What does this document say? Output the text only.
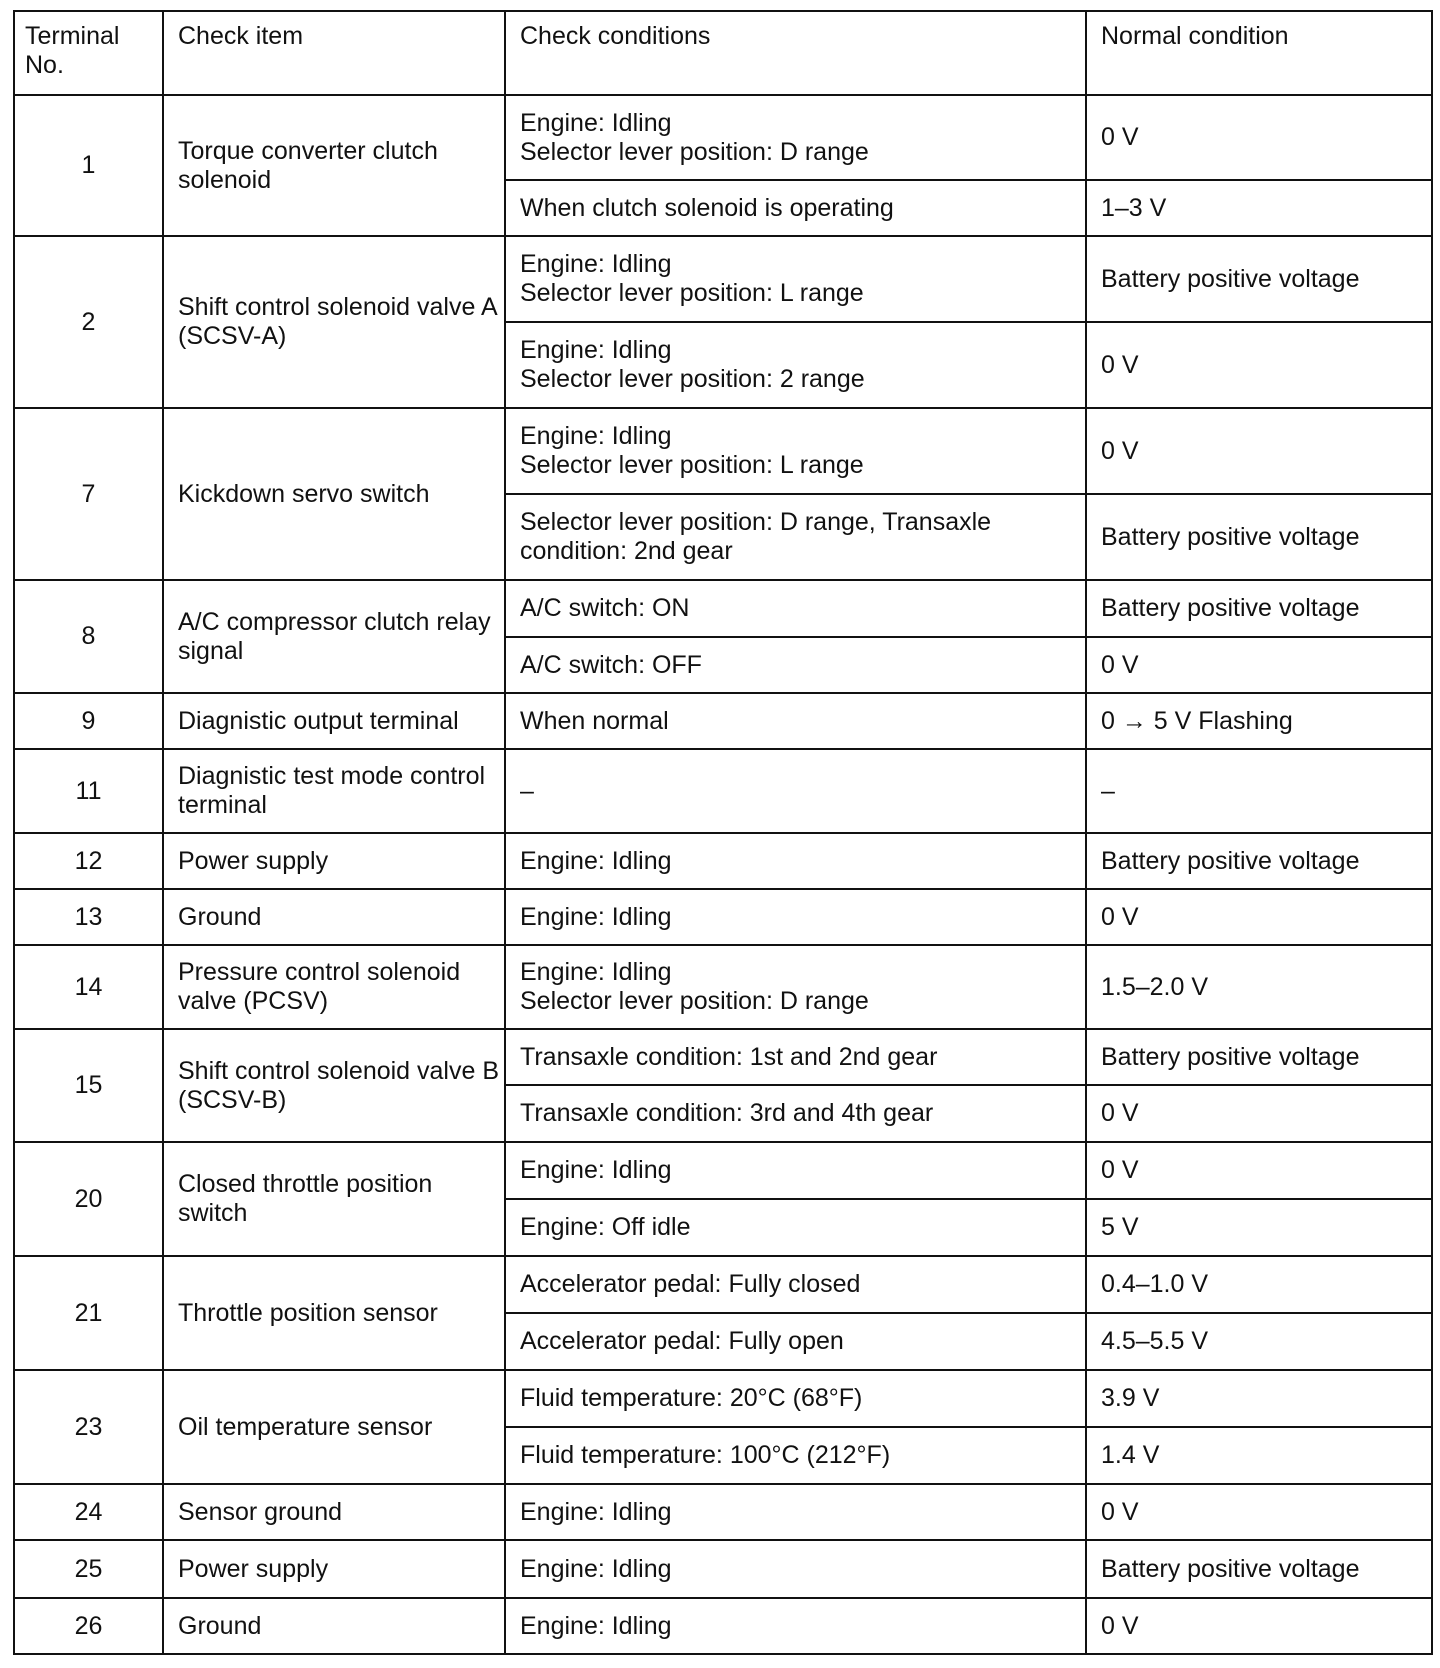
Terminal No.	Check item	Check conditions	Normal condition
1	Torque converter clutch solenoid	Engine: Idling
Selector lever position: D range	0 V
		When clutch solenoid is operating	1–3 V
2	Shift control solenoid valve A (SCSV-A)	Engine: Idling
Selector lever position: L range	Battery positive voltage
		Engine: Idling
Selector lever position: 2 range	0 V
7	Kickdown servo switch	Engine: Idling
Selector lever position: L range	0 V
		Selector lever position: D range, Transaxle condition: 2nd gear	Battery positive voltage
8	A/C compressor clutch relay signal	A/C switch: ON	Battery positive voltage
		A/C switch: OFF	0 V
9	Diagnistic output terminal	When normal	0 → 5 V Flashing
11	Diagnistic test mode control terminal	–	–
12	Power supply	Engine: Idling	Battery positive voltage
13	Ground	Engine: Idling	0 V
14	Pressure control solenoid valve (PCSV)	Engine: Idling
Selector lever position: D range	1.5–2.0 V
15	Shift control solenoid valve B (SCSV-B)	Transaxle condition: 1st and 2nd gear	Battery positive voltage
		Transaxle condition: 3rd and 4th gear	0 V
20	Closed throttle position switch	Engine: Idling	0 V
		Engine: Off idle	5 V
21	Throttle position sensor	Accelerator pedal: Fully closed	0.4–1.0 V
		Accelerator pedal: Fully open	4.5–5.5 V
23	Oil temperature sensor	Fluid temperature: 20°C (68°F)	3.9 V
		Fluid temperature: 100°C (212°F)	1.4 V
24	Sensor ground	Engine: Idling	0 V
25	Power supply	Engine: Idling	Battery positive voltage
26	Ground	Engine: Idling	0 V
